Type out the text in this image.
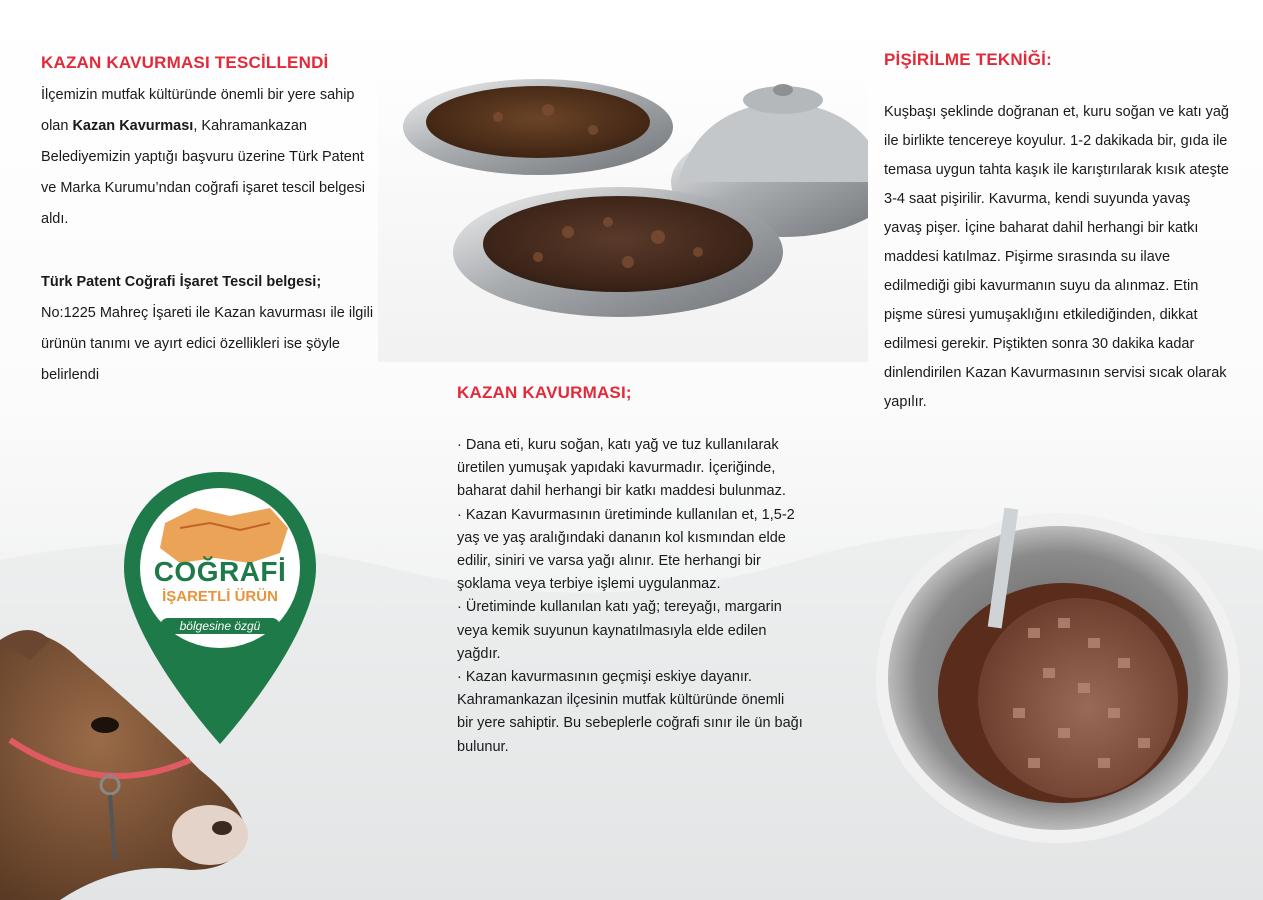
COĞRAFİ
İŞARETLİ ÜRÜN
bölgesine özgü
KAZAN KAVURMASI TESCİLLENDİ

İlçemizin mutfak kültüründe önemli bir yere sahip olan Kazan Kavurması, Kahramankazan Belediyemizin yaptığı başvuru üzerine Türk Patent ve Marka Kurumu’ndan coğrafi işaret tescil belgesi aldı.

Türk Patent Coğrafi İşaret Tescil belgesi;

No:1225 Mahreç İşareti ile Kazan kavurması ile ilgili ürünün tanımı ve ayırt edici özellikleri ise şöyle belirlendi

KAZAN KAVURMASI;

· Dana eti, kuru soğan, katı yağ ve tuz kullanılarak üretilen yumuşak yapıdaki kavurmadır. İçeriğinde, baharat dahil herhangi bir katkı maddesi bulunmaz.

· Kazan Kavurmasının üretiminde kullanılan et, 1,5-2 yaş ve yaş aralığındaki dananın kol kısmından elde edilir, siniri ve varsa yağı alınır. Ete herhangi bir şoklama veya terbiye işlemi uygulanmaz.

· Üretiminde kullanılan katı yağ; tereyağı, margarin veya kemik suyunun kaynatılmasıyla elde edilen yağdır.

· Kazan kavurmasının geçmişi eskiye dayanır. Kahramankazan ilçesinin mutfak kültüründe önemli bir yere sahiptir. Bu sebeplerle coğrafi sınır ile ün bağı bulunur.

PİŞİRİLME TEKNİĞİ:

Kuşbaşı şeklinde doğranan et, kuru soğan ve katı yağ ile birlikte tencereye koyulur. 1-2 dakikada bir, gıda ile temasa uygun tahta kaşık ile karıştırılarak kısık ateşte 3-4 saat pişirilir. Kavurma, kendi suyunda yavaş yavaş pişer. İçine baharat dahil herhangi bir katkı maddesi katılmaz. Pişirme sırasında su ilave edilmediği gibi kavurmanın suyu da alınmaz. Etin pişme süresi yumuşaklığını etkilediğinden, dikkat edilmesi gerekir. Piştikten sonra 30 dakika kadar dinlendirilen Kazan Kavurmasının servisi sıcak olarak yapılır.
